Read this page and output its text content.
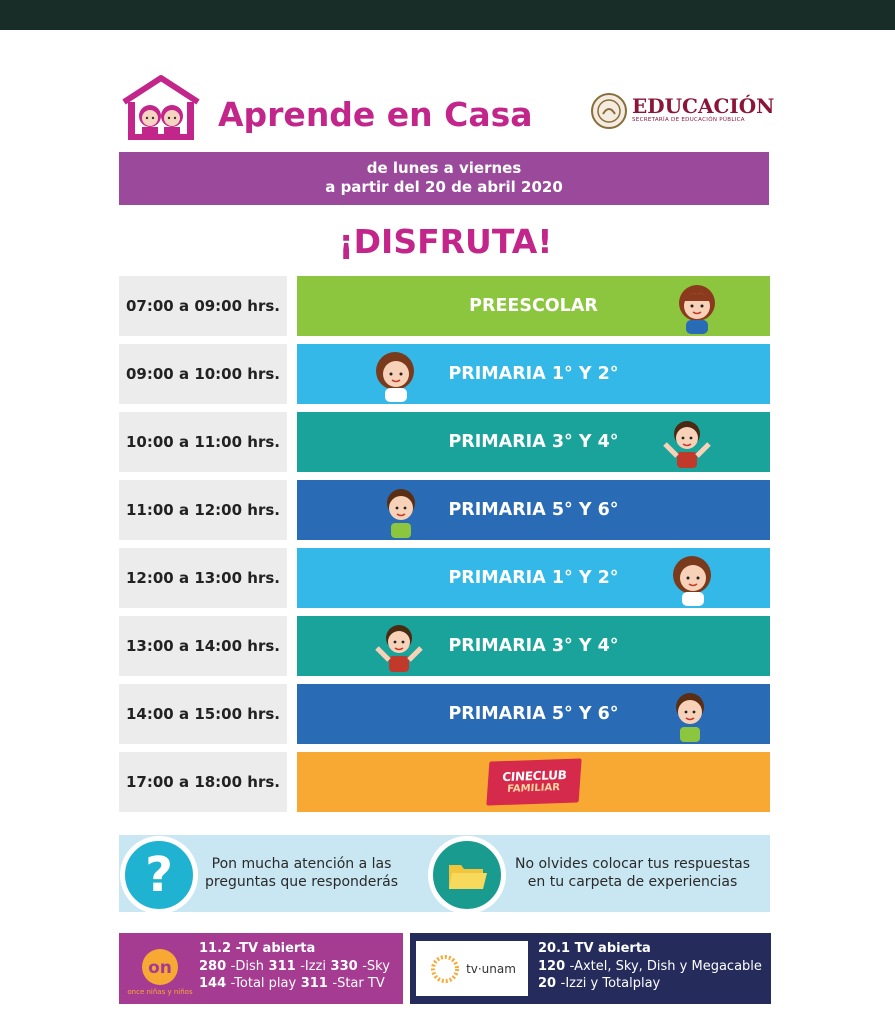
Aprende en Casa	EDUCACIÓN
SECRETARÍA DE EDUCACIÓN PÚBLICA
de lunes a viernes
a partir del 20 de abril 2020
¡DISFRUTA!
07:00 a 09:00 hrs.	PREESCOLAR
09:00 a 10:00 hrs.	PRIMARIA 1° Y 2°
10:00 a 11:00 hrs.	PRIMARIA 3° Y 4°
11:00 a 12:00 hrs.	PRIMARIA 5° Y 6°
12:00 a 13:00 hrs.	PRIMARIA 1° Y 2°
13:00 a 14:00 hrs.	PRIMARIA 3° Y 4°
14:00 a 15:00 hrs.	PRIMARIA 5° Y 6°
17:00 a 18:00 hrs.	CINECLUB
FAMILIAR
?	Pon mucha atención a las
preguntas que responderás
No olvides colocar tus respuestas
en tu carpeta de experiencias
on
once niñas y niños
11.2 -TV abierta
280 -Dish 311 -Izzi 330 -Sky
144 -Total play 311 -Star TV
tv·unam
20.1 TV abierta
120 -Axtel, Sky, Dish y Megacable
20 -Izzi y Totalplay
